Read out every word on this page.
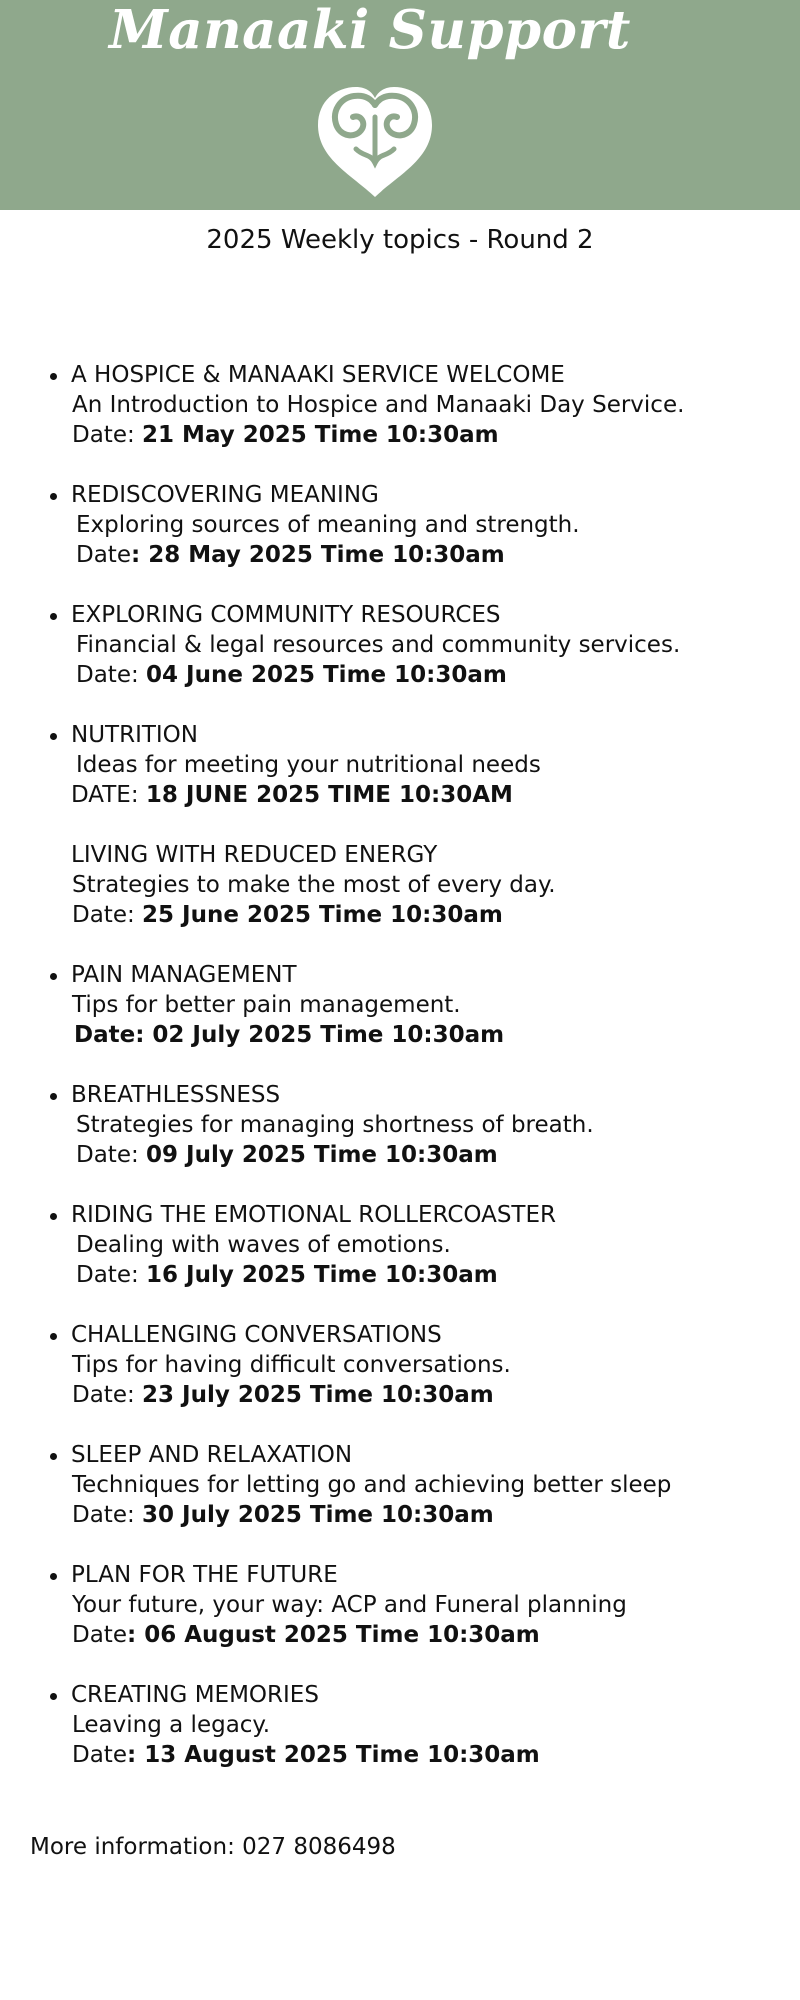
Manaaki Support
2025 Weekly topics - Round 2
A HOSPICE & MANAAKI SERVICE WELCOME
An Introduction to Hospice and Manaaki Day Service.
Date: 21 May 2025 Time 10:30am
REDISCOVERING MEANING
Exploring sources of meaning and strength.
Date: 28 May 2025 Time 10:30am
EXPLORING COMMUNITY RESOURCES
Financial & legal resources and community services.
Date: 04 June 2025 Time 10:30am
NUTRITION
Ideas for meeting your nutritional needs
DATE: 18 JUNE 2025 TIME 10:30AM
LIVING WITH REDUCED ENERGY
Strategies to make the most of every day.
Date: 25 June 2025 Time 10:30am
PAIN MANAGEMENT
Tips for better pain management.
Date: 02 July 2025 Time 10:30am
BREATHLESSNESS
Strategies for managing shortness of breath.
Date: 09 July 2025 Time 10:30am
RIDING THE EMOTIONAL ROLLERCOASTER
Dealing with waves of emotions.
Date: 16 July 2025 Time 10:30am
CHALLENGING CONVERSATIONS
Tips for having difficult conversations.
Date: 23 July 2025 Time 10:30am
SLEEP AND RELAXATION
Techniques for letting go and achieving better sleep
Date: 30 July 2025 Time 10:30am
PLAN FOR THE FUTURE
Your future, your way: ACP and Funeral planning
Date: 06 August 2025 Time 10:30am
CREATING MEMORIES
Leaving a legacy.
Date: 13 August 2025 Time 10:30am
More information: 027 8086498
